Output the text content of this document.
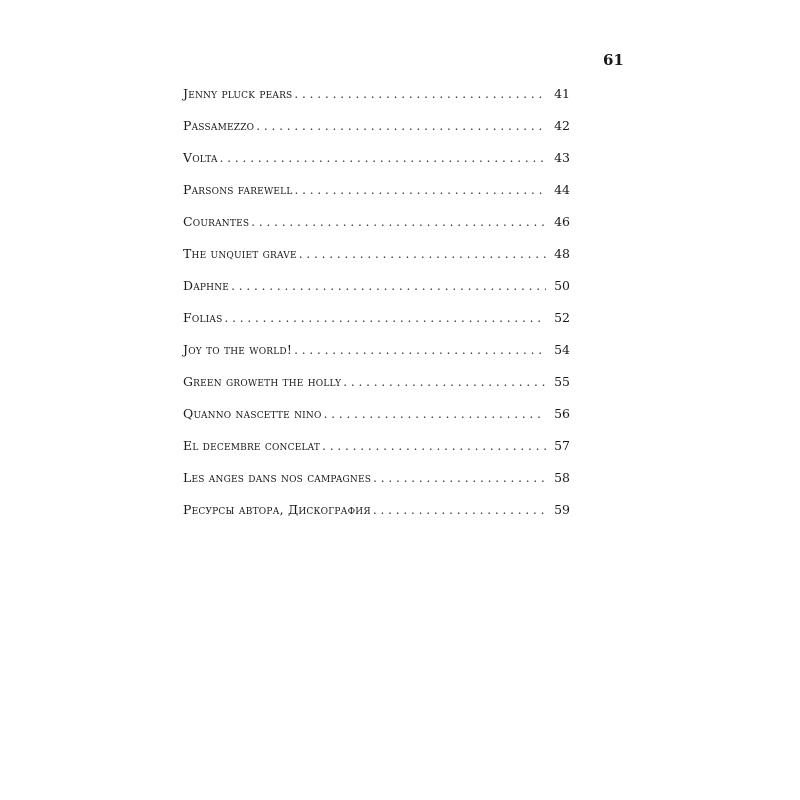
61
Jenny pluck pears . . .	41
Passamezzo . . .	42
Volta . . .	43
Parsons farewell . . .	44
Courantes . . .	46
The unquiet grave . . .	48
Daphne . . .	50
Folias . . .	52
Joy to the world! . . .	54
Green groweth the holly . . .	55
Quanno nascette nino . . .	56
El decembre concelat . . .	57
Les anges dans nos campagnes . . .	58
Ресурсы автора, Дискография . . .	59
